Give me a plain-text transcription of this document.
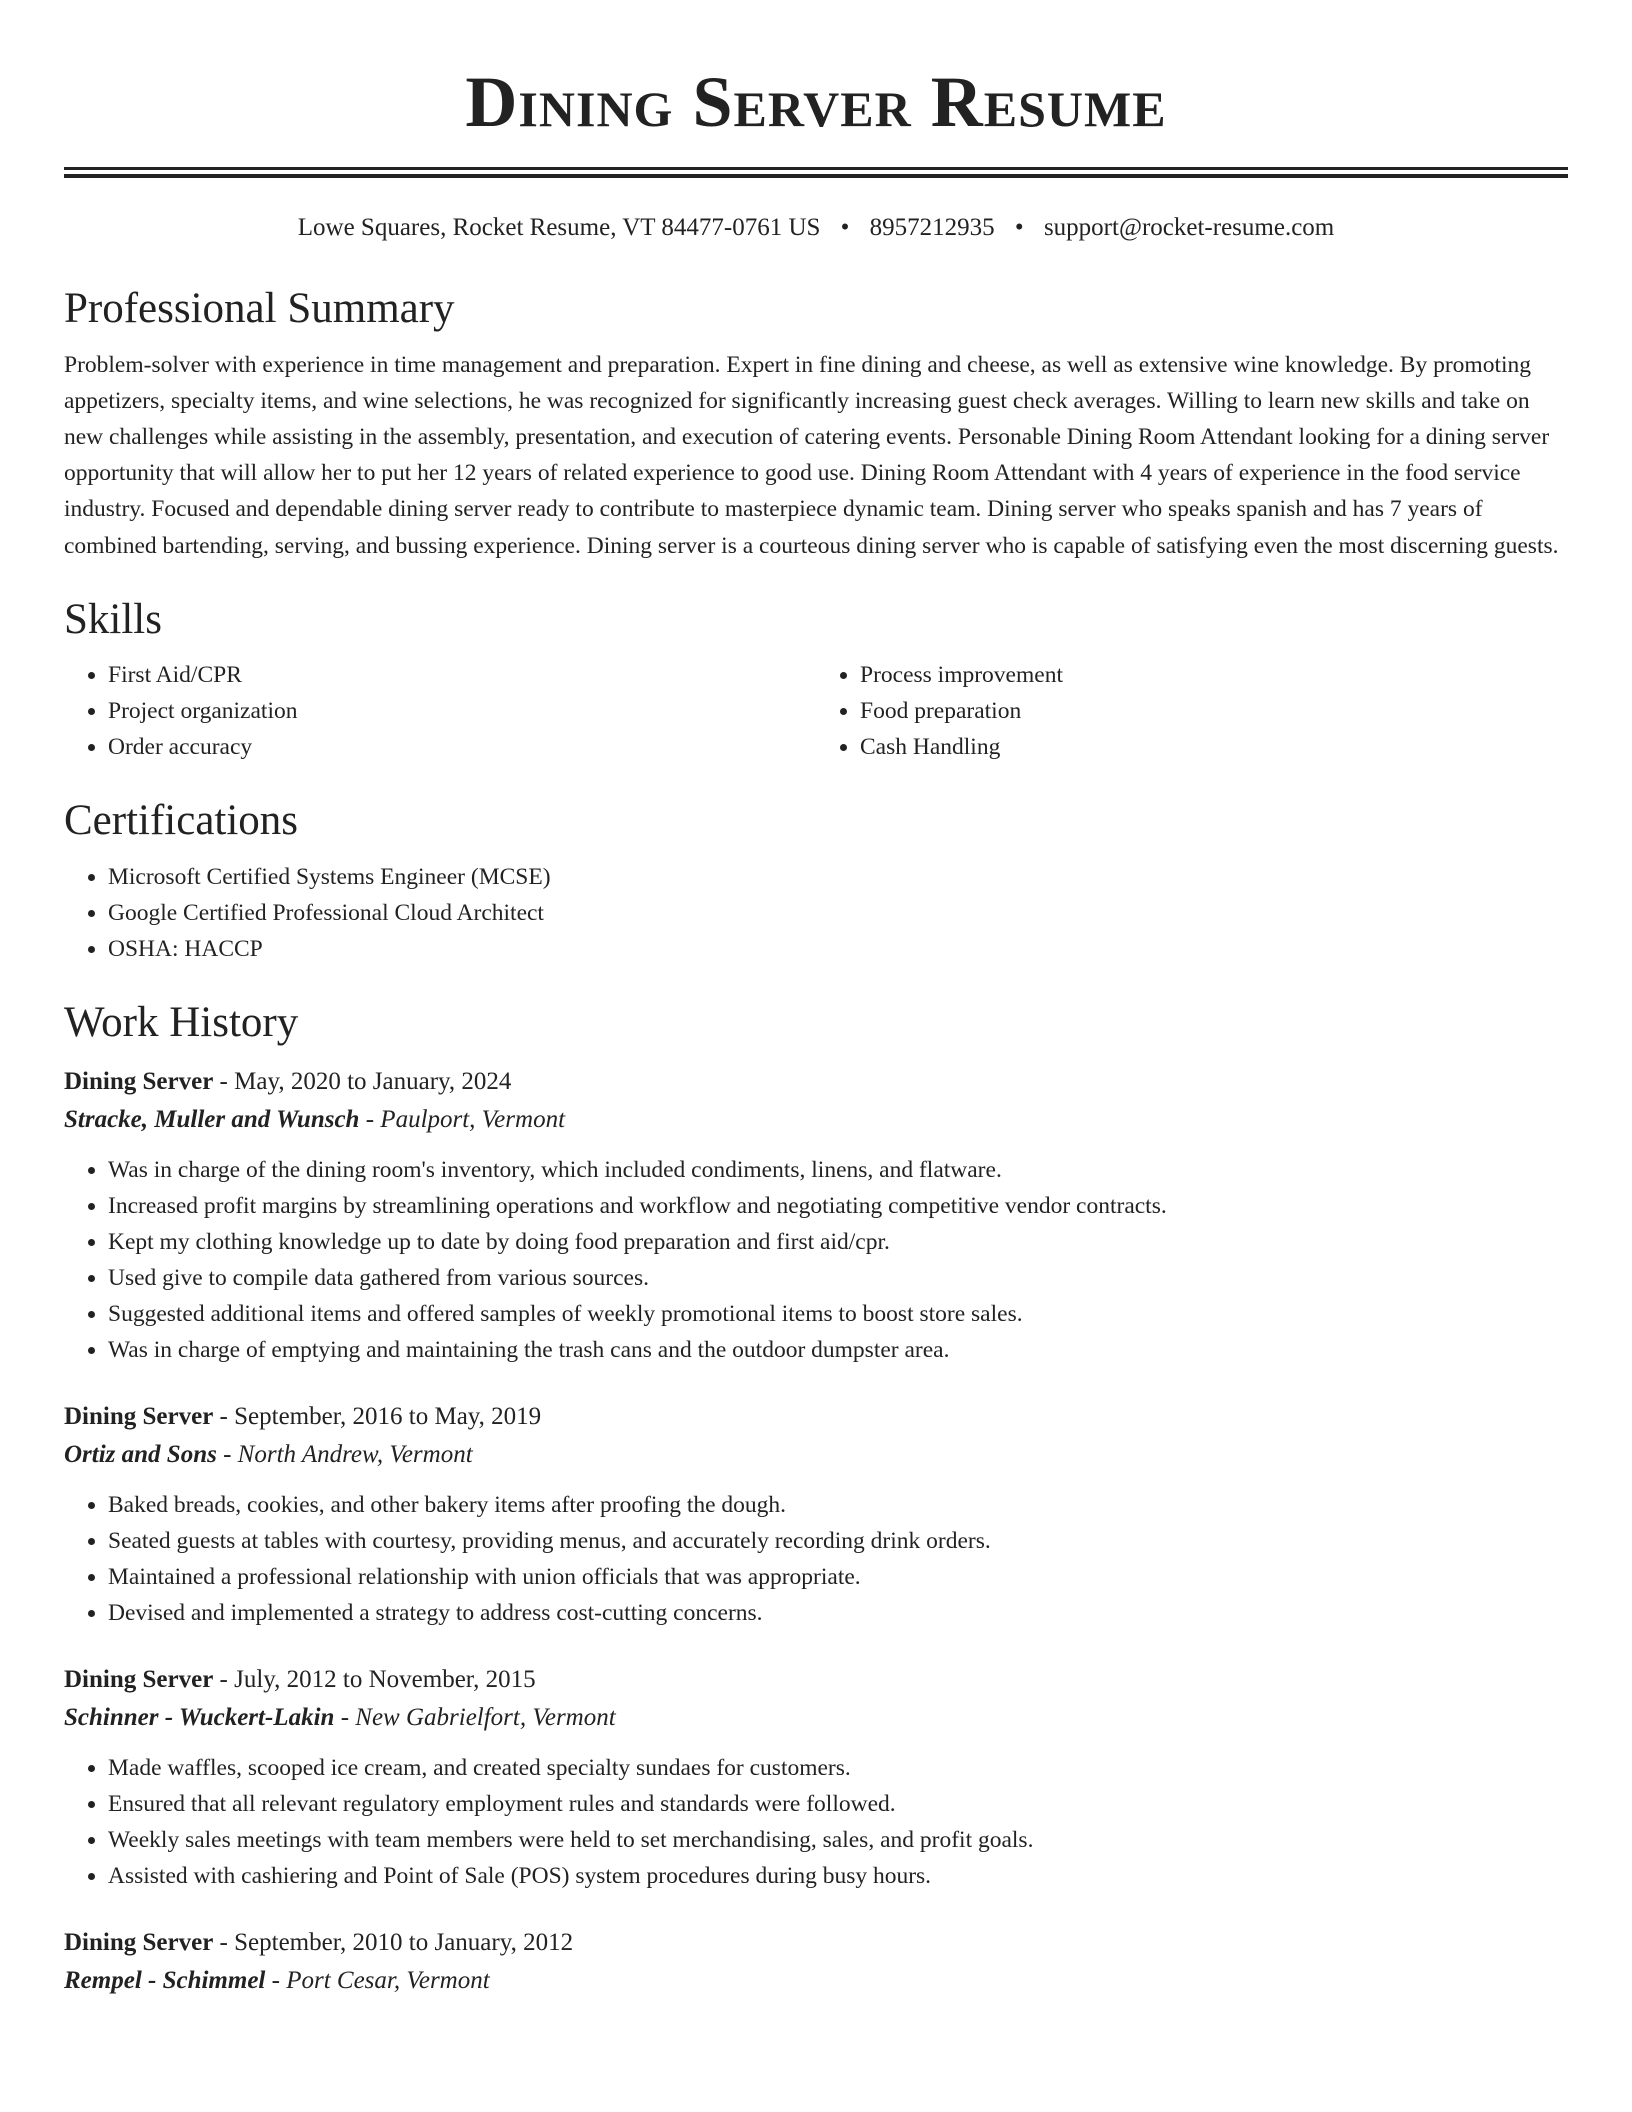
Dining Server Resume
Lowe Squares, Rocket Resume, VT 84477-0761 US • 8957212935 • support@rocket-resume.com
Professional Summary

Problem-solver with experience in time management and preparation. Expert in fine dining and cheese, as well as extensive wine knowledge. By promoting appetizers, specialty items, and wine selections, he was recognized for significantly increasing guest check averages. Willing to learn new skills and take on new challenges while assisting in the assembly, presentation, and execution of catering events. Personable Dining Room Attendant looking for a dining server opportunity that will allow her to put her 12 years of related experience to good use. Dining Room Attendant with 4 years of experience in the food service industry. Focused and dependable dining server ready to contribute to masterpiece dynamic team. Dining server who speaks spanish and has 7 years of combined bartending, serving, and bussing experience. Dining server is a courteous dining server who is capable of satisfying even the most discerning guests.

Skills
• First Aid/CPR
• Project organization
• Order accuracy
• Process improvement
• Food preparation
• Cash Handling
Certifications
• Microsoft Certified Systems Engineer (MCSE)
• Google Certified Professional Cloud Architect
• OSHA: HACCP
Work History
Dining Server - May, 2020 to January, 2024
Stracke, Muller and Wunsch - Paulport, Vermont
• Was in charge of the dining room's inventory, which included condiments, linens, and flatware.
• Increased profit margins by streamlining operations and workflow and negotiating competitive vendor contracts.
• Kept my clothing knowledge up to date by doing food preparation and first aid/cpr.
• Used give to compile data gathered from various sources.
• Suggested additional items and offered samples of weekly promotional items to boost store sales.
• Was in charge of emptying and maintaining the trash cans and the outdoor dumpster area.
Dining Server - September, 2016 to May, 2019
Ortiz and Sons - North Andrew, Vermont
• Baked breads, cookies, and other bakery items after proofing the dough.
• Seated guests at tables with courtesy, providing menus, and accurately recording drink orders.
• Maintained a professional relationship with union officials that was appropriate.
• Devised and implemented a strategy to address cost-cutting concerns.
Dining Server - July, 2012 to November, 2015
Schinner - Wuckert-Lakin - New Gabrielfort, Vermont
• Made waffles, scooped ice cream, and created specialty sundaes for customers.
• Ensured that all relevant regulatory employment rules and standards were followed.
• Weekly sales meetings with team members were held to set merchandising, sales, and profit goals.
• Assisted with cashiering and Point of Sale (POS) system procedures during busy hours.
Dining Server - September, 2010 to January, 2012
Rempel - Schimmel - Port Cesar, Vermont
